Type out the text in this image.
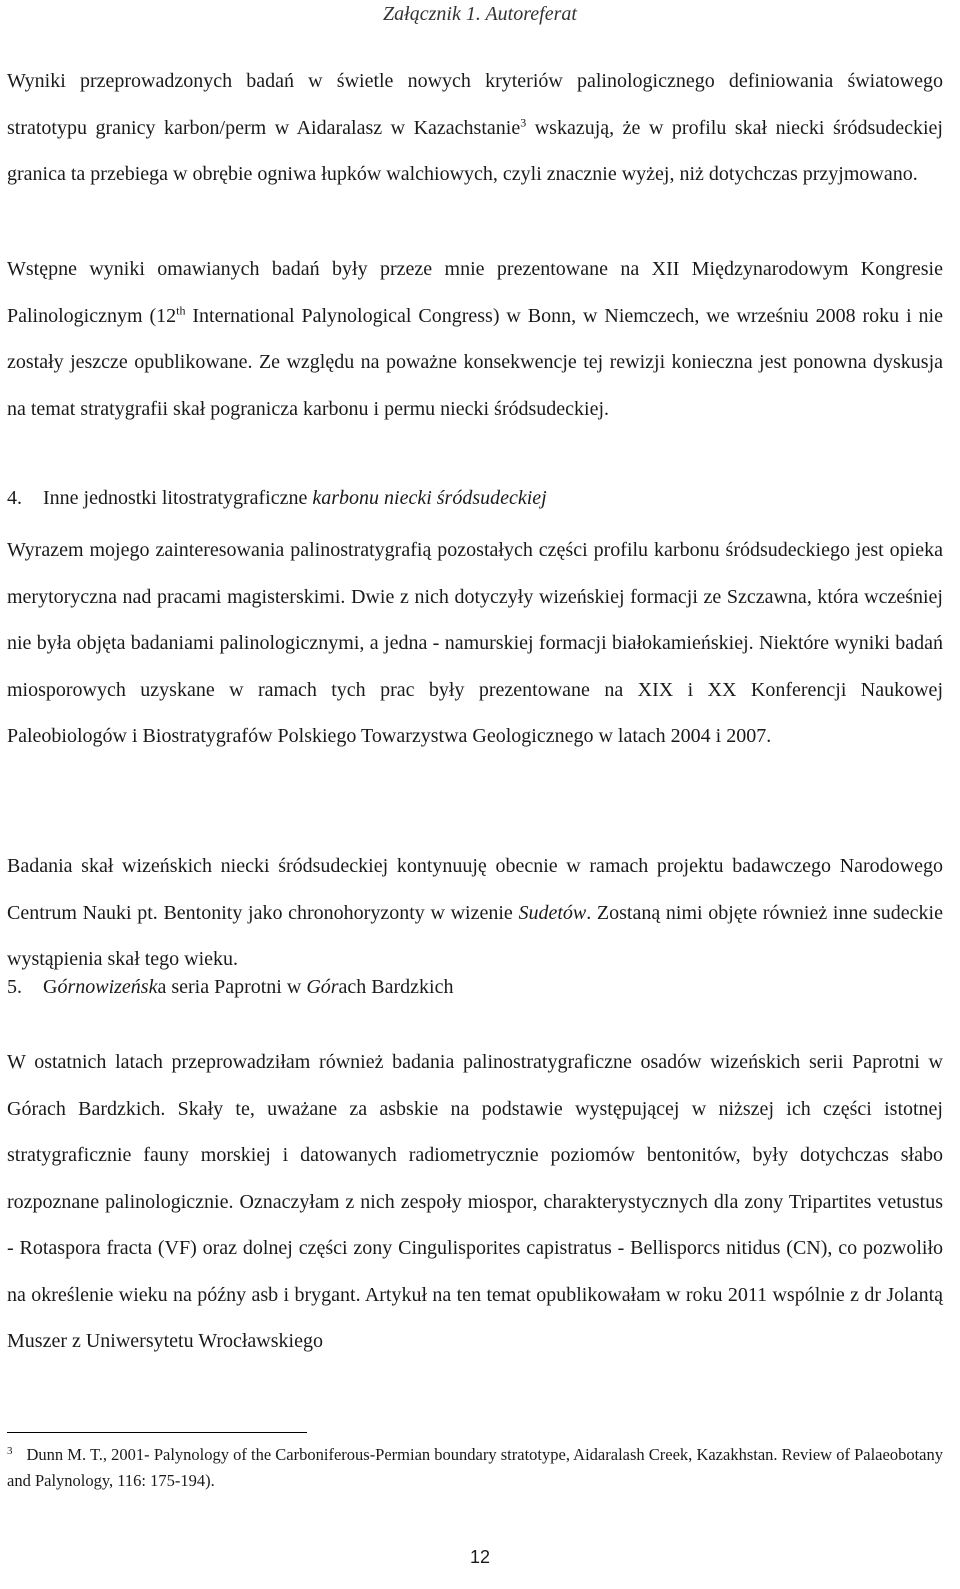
Załącznik 1. Autoreferat

Wyniki przeprowadzonych badań w świetle nowych kryteriów palinologicznego definiowania światowego stratotypu granicy karbon/perm w Aidaralasz w Kazachstanie$^3$ wskazują, że w profilu skał niecki śródsudeckiej granica ta przebiega w obrębie ogniwa łupków walchiowych, czyli znacznie wyżej, niż dotychczas przyjmowano.

Wstępne wyniki omawianych badań były przeze mnie prezentowane na XII Międzynarodowym Kongresie Palinologicznym (12th International Palynological Congress) w Bonn, w Niemczech, we wrześniu 2008 roku i nie zostały jeszcze opublikowane. Ze względu na poważne konsekwencje tej rewizji konieczna jest ponowna dyskusja na temat stratygrafii skał pogranicza karbonu i permu niecki śródsudeckiej.

4. Inne jednostki litostratygraficzne karbonu niecki śródsudeckiej

Wyrazem mojego zainteresowania palinostratygrafią pozostałych części profilu karbonu śródsudeckiego jest opieka merytoryczna nad pracami magisterskimi. Dwie z nich dotyczyły wizeńskiej formacji ze Szczawna, która wcześniej nie była objęta badaniami palinologicznymi, a jedna - namurskiej formacji białokamieńskiej. Niektóre wyniki badań miosporowych uzyskane w ramach tych prac były prezentowane na XIX i XX Konferencji Naukowej Paleobiologów i Biostratygrafów Polskiego Towarzystwa Geologicznego w latach 2004 i 2007.

Badania skał wizeńskich niecki śródsudeckiej kontynuuję obecnie w ramach projektu badawczego Narodowego Centrum Nauki pt. Bentonity jako chronohoryzonty w wizenie Sudetów. Zostaną nimi objęte również inne sudeckie wystąpienia skał tego wieku.

5. Górnowizeńska seria Paprotni w Górach Bardzkich

W ostatnich latach przeprowadziłam również badania palinostratygraficzne osadów wizeńskich serii Paprotni w Górach Bardzkich. Skały te, uważane za asbskie na podstawie występującej w niższej ich części istotnej stratygraficznie fauny morskiej i datowanych radiometrycznie poziomów bentonitów, były dotychczas słabo rozpoznane palinologicznie. Oznaczyłam z nich zespoły miospor, charakterystycznych dla zony Tripartites vetustus - Rotaspora fracta (VF) oraz dolnej części zony Cingulisporites capistratus - Bellisporcs nitidus (CN), co pozwoliło na określenie wieku na późny asb i brygant. Artykuł na ten temat opublikowałam w roku 2011 wspólnie z dr Jolantą Muszer z Uniwersytetu Wrocławskiego

$^3$ Dunn M. T., 2001- Palynology of the Carboniferous-Permian boundary stratotype, Aidaralash Creek, Kazakhstan. Review of Palaeobotany and Palynology, 116: 175-194).

12
